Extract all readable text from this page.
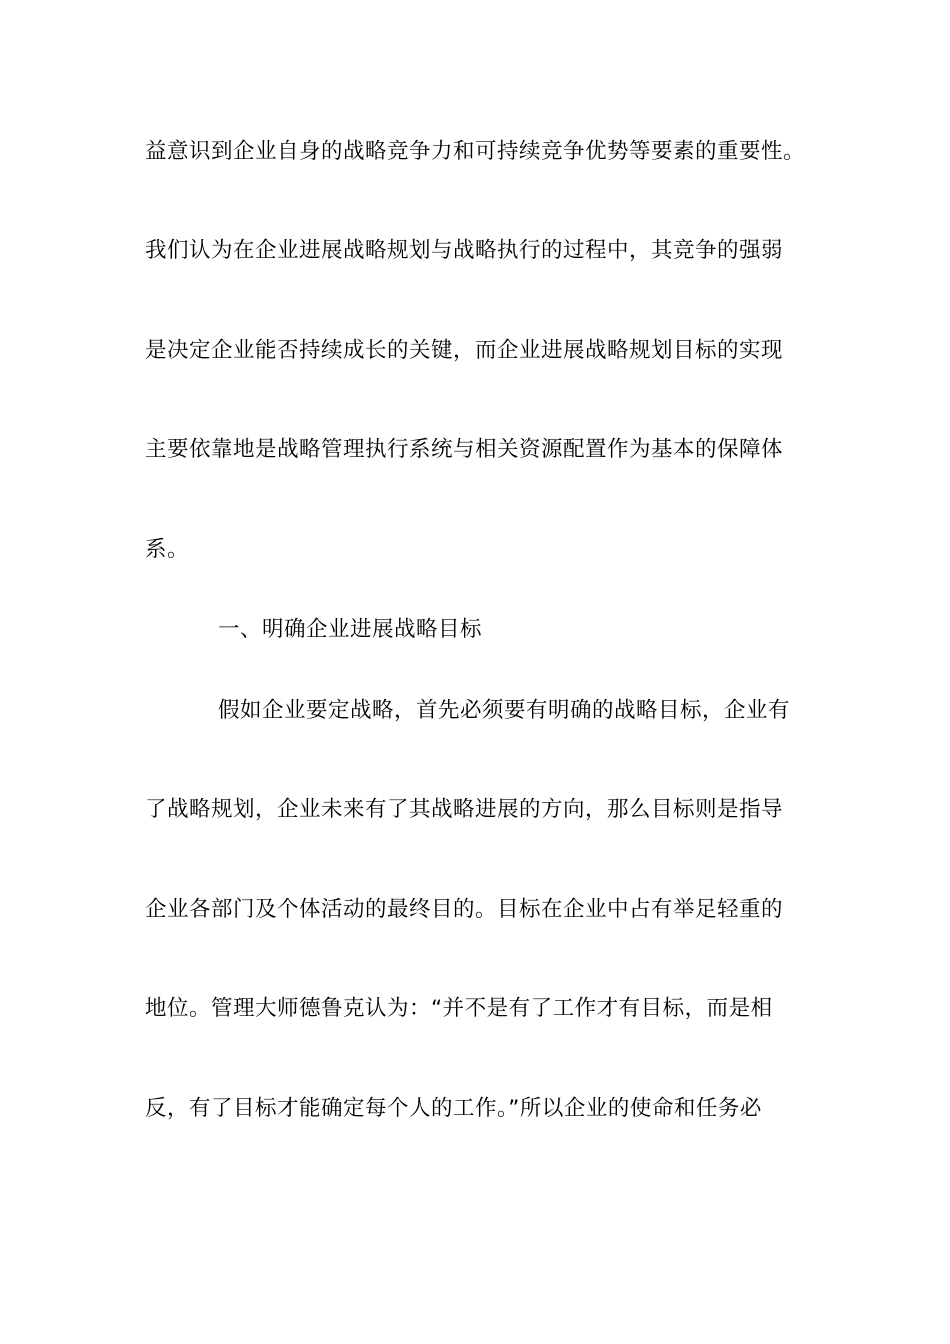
益意识到企业自身的战略竞争力和可持续竞争优势等要素的重要性。
我们认为在企业进展战略规划与战略执行的过程中，其竞争的强弱
是决定企业能否持续成长的关键，而企业进展战略规划目标的实现
主要依靠地是战略管理执行系统与相关资源配置作为基本的保障体
系。
一、明确企业进展战略目标
假如企业要定战略，首先必须要有明确的战略目标，企业有
了战略规划，企业未来有了其战略进展的方向，那么目标则是指导
企业各部门及个体活动的最终目的。目标在企业中占有举足轻重的
地位。管理大师德鲁克认为：“并不是有了工作才有目标，而是相
反，有了目标才能确定每个人的工作。”所以企业的使命和任务必
